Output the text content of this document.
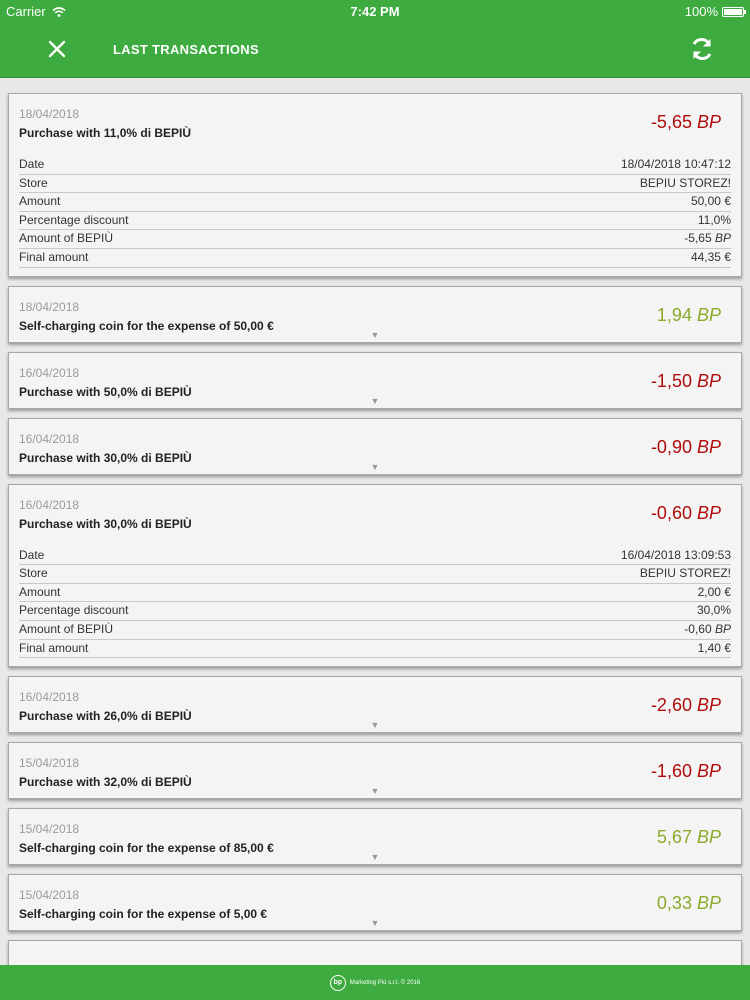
Carrier	7:42 PM	100%
LAST TRANSACTIONS
18/04/2018
Purchase with 11,0% di BEPIÙ
-5,65 BP
Date	18/04/2018 10:47:12
Store	BEPIU STOREZ!
Amount	50,00 €
Percentage discount	11,0%
Amount of BEPIÙ	-5,65 BP
Final amount	44,35 €
18/04/2018
Self-charging coin for the expense of 50,00 €
1,94 BP
▼
16/04/2018
Purchase with 50,0% di BEPIÙ
-1,50 BP
▼
16/04/2018
Purchase with 30,0% di BEPIÙ
-0,90 BP
▼
16/04/2018
Purchase with 30,0% di BEPIÙ
-0,60 BP
Date	16/04/2018 13:09:53
Store	BEPIU STOREZ!
Amount	2,00 €
Percentage discount	30,0%
Amount of BEPIÙ	-0,60 BP
Final amount	1,40 €
16/04/2018
Purchase with 26,0% di BEPIÙ
-2,60 BP
▼
15/04/2018
Purchase with 32,0% di BEPIÙ
-1,60 BP
▼
15/04/2018
Self-charging coin for the expense of 85,00 €
5,67 BP
▼
15/04/2018
Self-charging coin for the expense of 5,00 €
0,33 BP
▼
bp	Marketing Più s.r.l. © 2016
